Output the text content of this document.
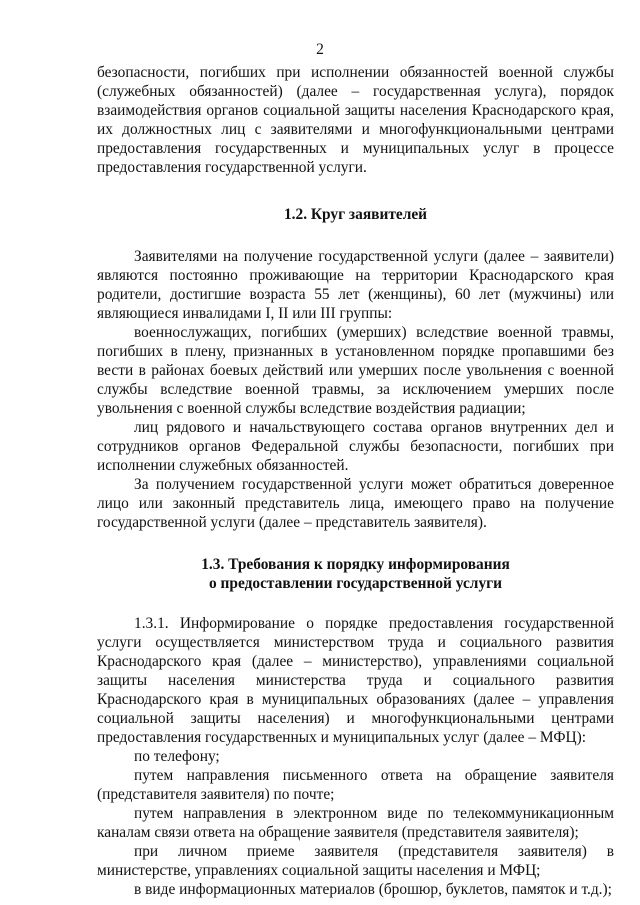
2

безопасности, погибших при исполнении обязанностей военной службы (служебных обязанностей) (далее – государственная услуга), порядок взаимодействия органов социальной защиты населения Краснодарского края, их должностных лиц с заявителями и многофункциональными центрами предоставления государственных и муниципальных услуг в процессе предоставления государственной услуги.

1.2. Круг заявителей

Заявителями на получение государственной услуги (далее – заявители) являются постоянно проживающие на территории Краснодарского края родители, достигшие возраста 55 лет (женщины), 60 лет (мужчины) или являющиеся инвалидами I, II или III группы:

военнослужащих, погибших (умерших) вследствие военной травмы, погибших в плену, признанных в установленном порядке пропавшими без вести в районах боевых действий или умерших после увольнения с военной службы вследствие военной травмы, за исключением умерших после увольнения с военной службы вследствие воздействия радиации;

лиц рядового и начальствующего состава органов внутренних дел и сотрудников органов Федеральной службы безопасности, погибших при исполнении служебных обязанностей.

За получением государственной услуги может обратиться доверенное лицо или законный представитель лица, имеющего право на получение государственной услуги (далее – представитель заявителя).

1.3. Требования к порядку информирования
о предоставлении государственной услуги

1.3.1. Информирование о порядке предоставления государственной услуги осуществляется министерством труда и социального развития Краснодарского края (далее – министерство), управлениями социальной защиты населения министерства труда и социального развития Краснодарского края в муниципальных образованиях (далее – управления социальной защиты населения) и многофункциональными центрами предоставления государственных и муниципальных услуг (далее – МФЦ):

по телефону;

путем направления письменного ответа на обращение заявителя (представителя заявителя) по почте;

путем направления в электронном виде по телекоммуникационным каналам связи ответа на обращение заявителя (представителя заявителя);

при личном приеме заявителя (представителя заявителя) в министерстве, управлениях социальной защиты населения и МФЦ;

в виде информационных материалов (брошюр, буклетов, памяток и т.д.);
